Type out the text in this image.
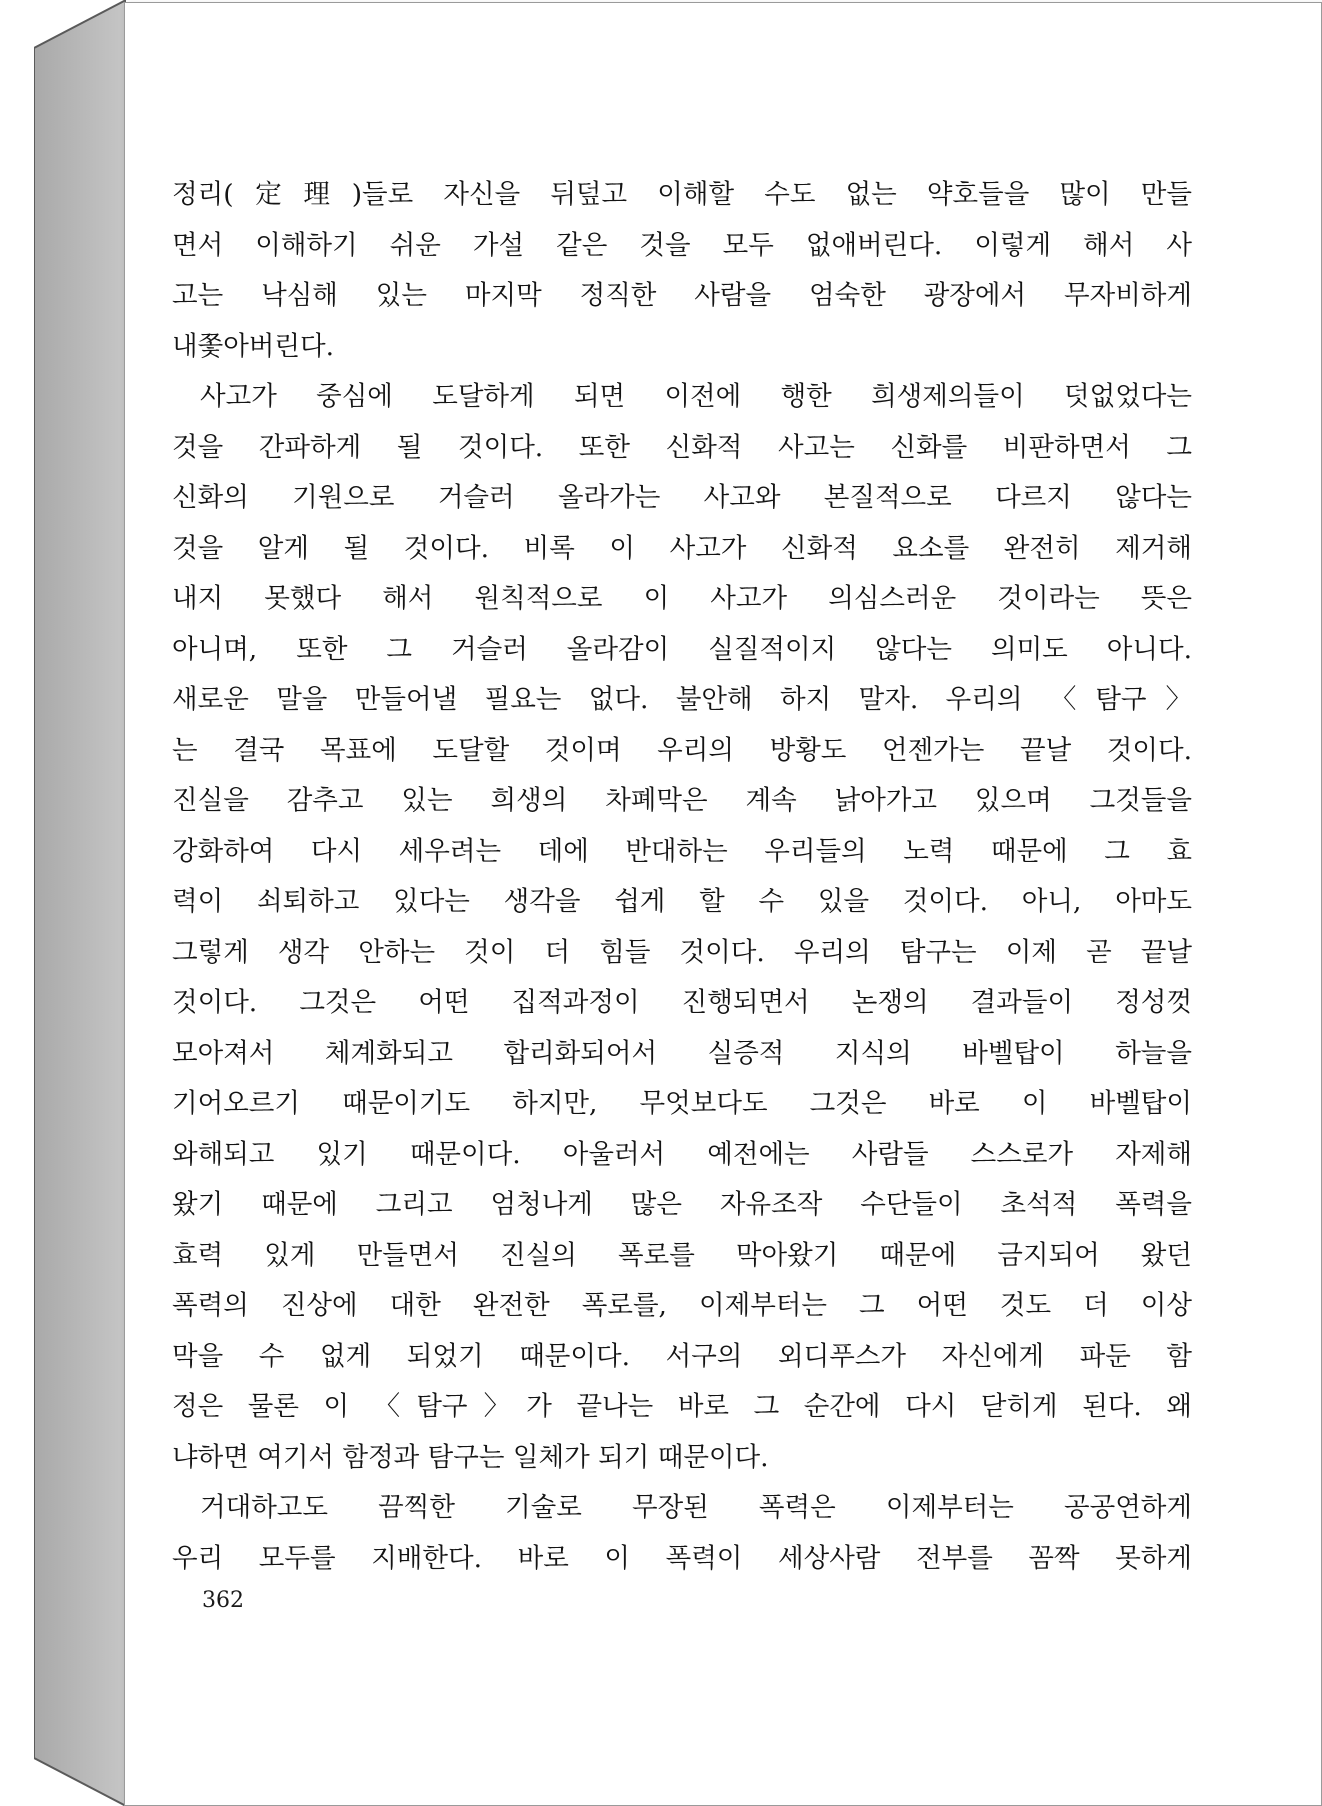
정리(定理)들로 자신을 뒤덮고 이해할 수도 없는 약호들을 많이 만들
면서 이해하기 쉬운 가설 같은 것을 모두 없애버린다. 이렇게 해서 사
고는 낙심해 있는 마지막 정직한 사람을 엄숙한 광장에서 무자비하게
내쫓아버린다.
사고가 중심에 도달하게 되면 이전에 행한 희생제의들이 덧없었다는
것을 간파하게 될 것이다. 또한 신화적 사고는 신화를 비판하면서 그
신화의 기원으로 거슬러 올라가는 사고와 본질적으로 다르지 않다는
것을 알게 될 것이다. 비록 이 사고가 신화적 요소를 완전히 제거해
내지 못했다 해서 원칙적으로 이 사고가 의심스러운 것이라는 뜻은
아니며, 또한 그 거슬러 올라감이 실질적이지 않다는 의미도 아니다.
새로운 말을 만들어낼 필요는 없다. 불안해 하지 말자. 우리의 〈탐구〉
는 결국 목표에 도달할 것이며 우리의 방황도 언젠가는 끝날 것이다.
진실을 감추고 있는 희생의 차폐막은 계속 낡아가고 있으며 그것들을
강화하여 다시 세우려는 데에 반대하는 우리들의 노력 때문에 그 효
력이 쇠퇴하고 있다는 생각을 쉽게 할 수 있을 것이다. 아니, 아마도
그렇게 생각 안하는 것이 더 힘들 것이다. 우리의 탐구는 이제 곧 끝날
것이다. 그것은 어떤 집적과정이 진행되면서 논쟁의 결과들이 정성껏
모아져서 체계화되고 합리화되어서 실증적 지식의 바벨탑이 하늘을
기어오르기 때문이기도 하지만, 무엇보다도 그것은 바로 이 바벨탑이
와해되고 있기 때문이다. 아울러서 예전에는 사람들 스스로가 자제해
왔기 때문에 그리고 엄청나게 많은 자유조작 수단들이 초석적 폭력을
효력 있게 만들면서 진실의 폭로를 막아왔기 때문에 금지되어 왔던
폭력의 진상에 대한 완전한 폭로를, 이제부터는 그 어떤 것도 더 이상
막을 수 없게 되었기 때문이다. 서구의 외디푸스가 자신에게 파둔 함
정은 물론 이 〈탐구〉가 끝나는 바로 그 순간에 다시 닫히게 된다. 왜
냐하면 여기서 함정과 탐구는 일체가 되기 때문이다.
거대하고도 끔찍한 기술로 무장된 폭력은 이제부터는 공공연하게
우리 모두를 지배한다. 바로 이 폭력이 세상사람 전부를 꼼짝 못하게
362
